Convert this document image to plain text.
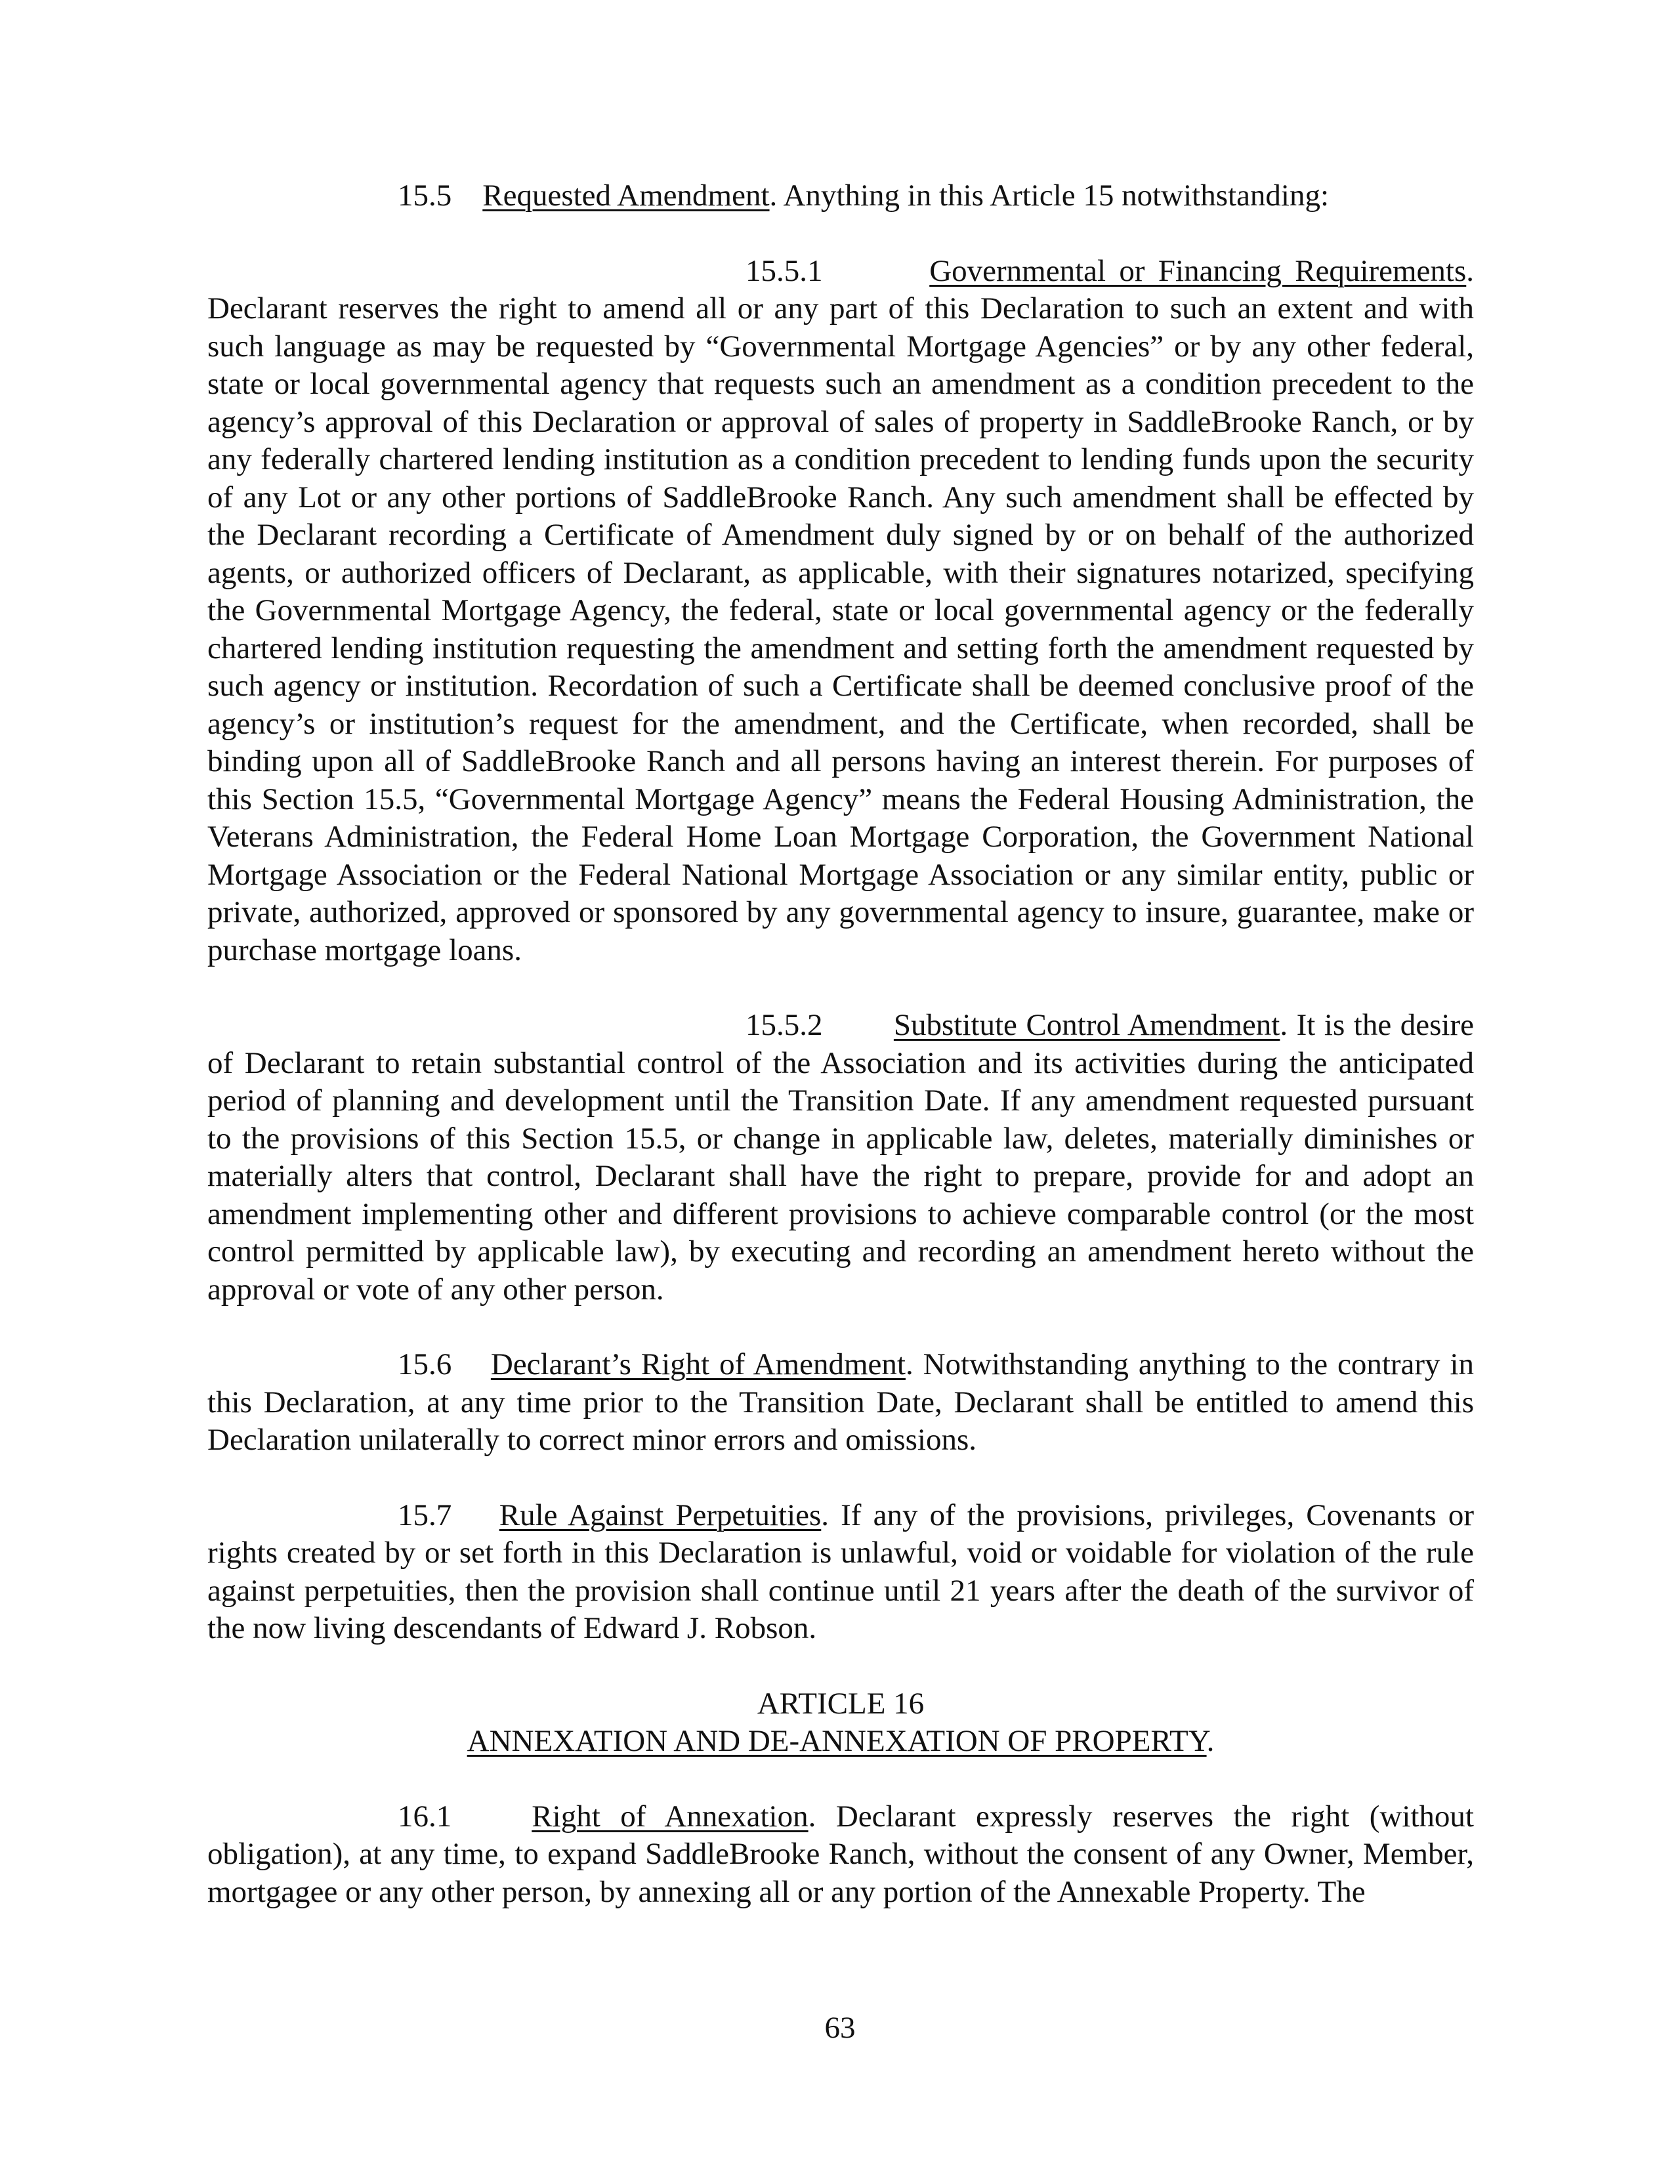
15.5 Requested Amendment. Anything in this Article 15 notwithstanding:

15.5.1	Governmental or Financing Requirements. Declarant reserves the right to amend all or any part of this Declaration to such an extent and with such language as may be requested by “Governmental Mortgage Agencies” or by any other federal, state or local governmental agency that requests such an amendment as a condition precedent to the agency’s approval of this Declaration or approval of sales of property in SaddleBrooke Ranch, or by any federally chartered lending institution as a condition precedent to lending funds upon the security of any Lot or any other portions of SaddleBrooke Ranch. Any such amendment shall be effected by the Declarant recording a Certificate of Amendment duly signed by or on behalf of the authorized agents, or authorized officers of Declarant, as applicable, with their signatures notarized, specifying the Governmental Mortgage Agency, the federal, state or local governmental agency or the federally chartered lending institution requesting the amendment and setting forth the amendment requested by such agency or institution. Recordation of such a Certificate shall be deemed conclusive proof of the agency’s or institution’s request for the amendment, and the Certificate, when recorded, shall be binding upon all of SaddleBrooke Ranch and all persons having an interest therein. For purposes of this Section 15.5, “Governmental Mortgage Agency” means the Federal Housing Administration, the Veterans Administration, the Federal Home Loan Mortgage Corporation, the Government National Mortgage Association or the Federal National Mortgage Association or any similar entity, public or private, authorized, approved or sponsored by any governmental agency to insure, guarantee, make or purchase mortgage loans.

15.5.2 Substitute Control Amendment. It is the desire of Declarant to retain substantial control of the Association and its activities during the anticipated period of planning and development until the Transition Date. If any amendment requested pursuant to the provisions of this Section 15.5, or change in applicable law, deletes, materially diminishes or materially alters that control, Declarant shall have the right to prepare, provide for and adopt an amendment implementing other and different provisions to achieve comparable control (or the most control permitted by applicable law), by executing and recording an amendment hereto without the approval or vote of any other person.

15.6 Declarant’s Right of Amendment. Notwithstanding anything to the contrary in this Declaration, at any time prior to the Transition Date, Declarant shall be entitled to amend this Declaration unilaterally to correct minor errors and omissions.

15.7 Rule Against Perpetuities. If any of the provisions, privileges, Covenants or rights created by or set forth in this Declaration is unlawful, void or voidable for violation of the rule against perpetuities, then the provision shall continue until 21 years after the death of the survivor of the now living descendants of Edward J. Robson.

ARTICLE 16

ANNEXATION AND DE-ANNEXATION OF PROPERTY.

16.1	Right of Annexation. Declarant expressly reserves the right (without obligation), at any time, to expand SaddleBrooke Ranch, without the consent of any Owner, Member, mortgagee or any other person, by annexing all or any portion of the Annexable Property. The

63
